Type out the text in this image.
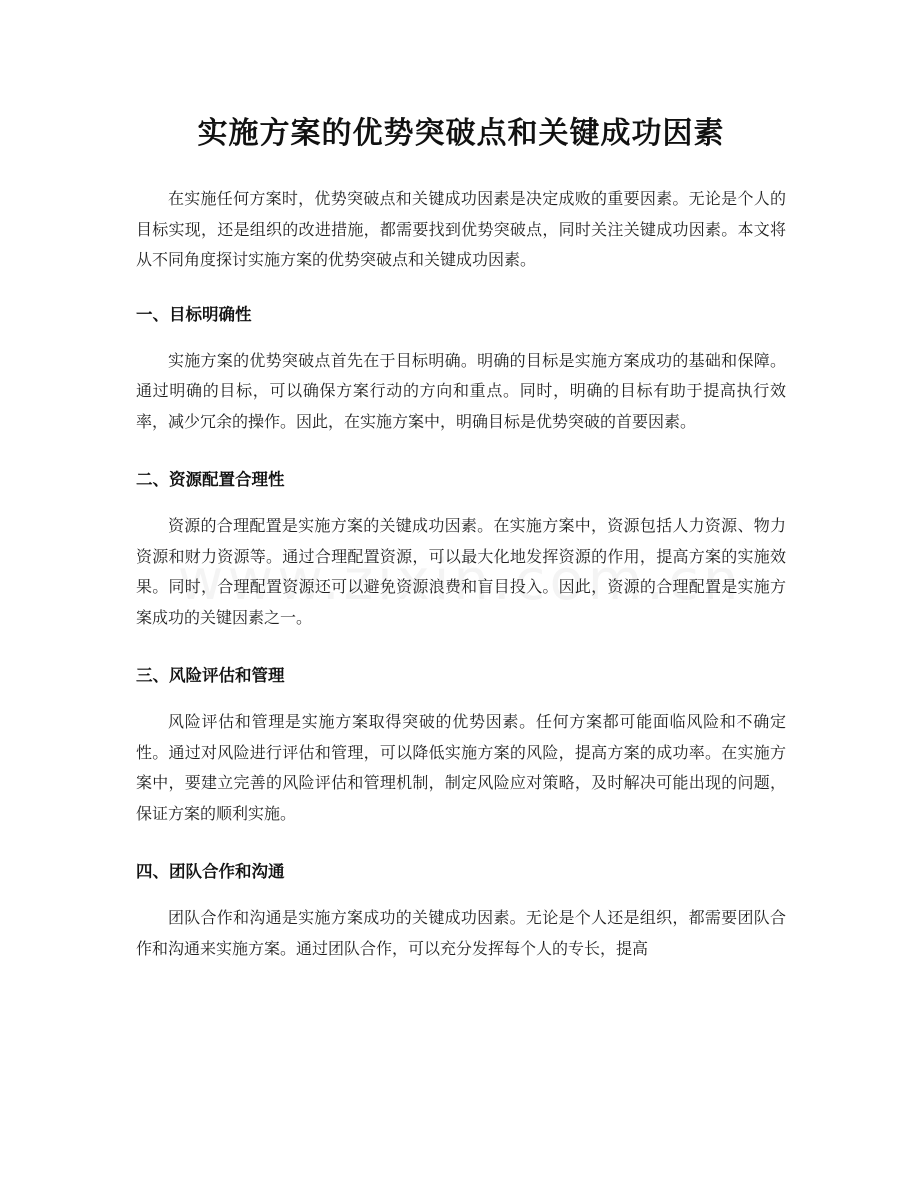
实施方案的优势突破点和关键成功因素

在实施任何方案时，优势突破点和关键成功因素是决定成败的重要因素。无论是个人的目标实现，还是组织的改进措施，都需要找到优势突破点，同时关注关键成功因素。本文将从不同角度探讨实施方案的优势突破点和关键成功因素。

一、目标明确性

实施方案的优势突破点首先在于目标明确。明确的目标是实施方案成功的基础和保障。通过明确的目标，可以确保方案行动的方向和重点。同时，明确的目标有助于提高执行效率，减少冗余的操作。因此，在实施方案中，明确目标是优势突破的首要因素。

二、资源配置合理性

资源的合理配置是实施方案的关键成功因素。在实施方案中，资源包括人力资源、物力资源和财力资源等。通过合理配置资源，可以最大化地发挥资源的作用，提高方案的实施效果。同时，合理配置资源还可以避免资源浪费和盲目投入。因此，资源的合理配置是实施方案成功的关键因素之一。

三、风险评估和管理

风险评估和管理是实施方案取得突破的优势因素。任何方案都可能面临风险和不确定性。通过对风险进行评估和管理，可以降低实施方案的风险，提高方案的成功率。在实施方案中，要建立完善的风险评估和管理机制，制定风险应对策略，及时解决可能出现的问题，保证方案的顺利实施。

四、团队合作和沟通

团队合作和沟通是实施方案成功的关键成功因素。无论是个人还是组织，都需要团队合作和沟通来实施方案。通过团队合作，可以充分发挥每个人的专长，提高
